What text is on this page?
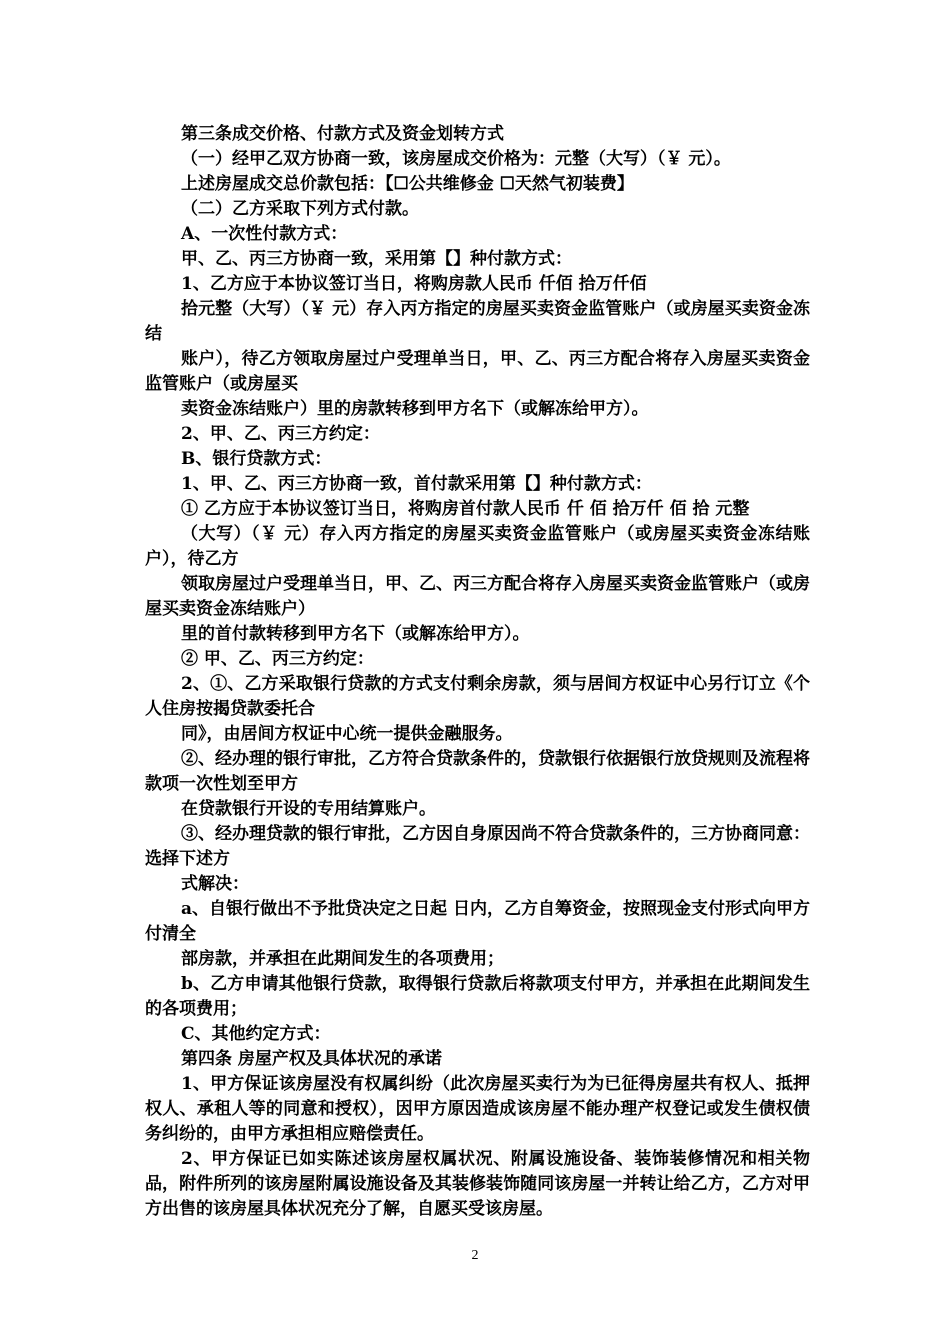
第三条成交价格、付款方式及资金划转方式

（一）经甲乙双方协商一致，该房屋成交价格为：元整（大写）（￥ 元）。

上述房屋成交总价款包括：【☐公共维修金 ☐天然气初装费】

（二）乙方采取下列方式付款。

A、一次性付款方式：

甲、乙、丙三方协商一致，采用第【】种付款方式：

1、乙方应于本协议签订当日，将购房款人民币 仟佰 拾万仟佰

拾元整（大写）（￥ 元）存入丙方指定的房屋买卖资金监管账户（或房屋买卖资金冻结

账户），待乙方领取房屋过户受理单当日，甲、乙、丙三方配合将存入房屋买卖资金监管账户（或房屋买

卖资金冻结账户）里的房款转移到甲方名下（或解冻给甲方）。

2、甲、乙、丙三方约定：

B、银行贷款方式：

1、甲、乙、丙三方协商一致，首付款采用第【】种付款方式：

① 乙方应于本协议签订当日，将购房首付款人民币 仟 佰 拾万仟 佰 拾 元整

（大写）（￥ 元）存入丙方指定的房屋买卖资金监管账户（或房屋买卖资金冻结账户），待乙方

领取房屋过户受理单当日，甲、乙、丙三方配合将存入房屋买卖资金监管账户（或房屋买卖资金冻结账户）

里的首付款转移到甲方名下（或解冻给甲方）。

② 甲、乙、丙三方约定：

2、①、乙方采取银行贷款的方式支付剩余房款，须与居间方权证中心另行订立《个人住房按揭贷款委托合

同》，由居间方权证中心统一提供金融服务。

②、经办理的银行审批，乙方符合贷款条件的，贷款银行依据银行放贷规则及流程将款项一次性划至甲方

在贷款银行开设的专用结算账户。

③、经办理贷款的银行审批，乙方因自身原因尚不符合贷款条件的，三方协商同意：选择下述方

式解决：

a、自银行做出不予批贷决定之日起 日内，乙方自筹资金，按照现金支付形式向甲方付清全

部房款，并承担在此期间发生的各项费用；

b、乙方申请其他银行贷款，取得银行贷款后将款项支付甲方，并承担在此期间发生的各项费用；

C、其他约定方式：

第四条 房屋产权及具体状况的承诺

1、甲方保证该房屋没有权属纠纷（此次房屋买卖行为为已征得房屋共有权人、抵押权人、承租人等的同意和授权），因甲方原因造成该房屋不能办理产权登记或发生债权债务纠纷的，由甲方承担相应赔偿责任。

2、甲方保证已如实陈述该房屋权属状况、附属设施设备、装饰装修情况和相关物品，附件所列的该房屋附属设施设备及其装修装饰随同该房屋一并转让给乙方，乙方对甲方出售的该房屋具体状况充分了解，自愿买受该房屋。

2
